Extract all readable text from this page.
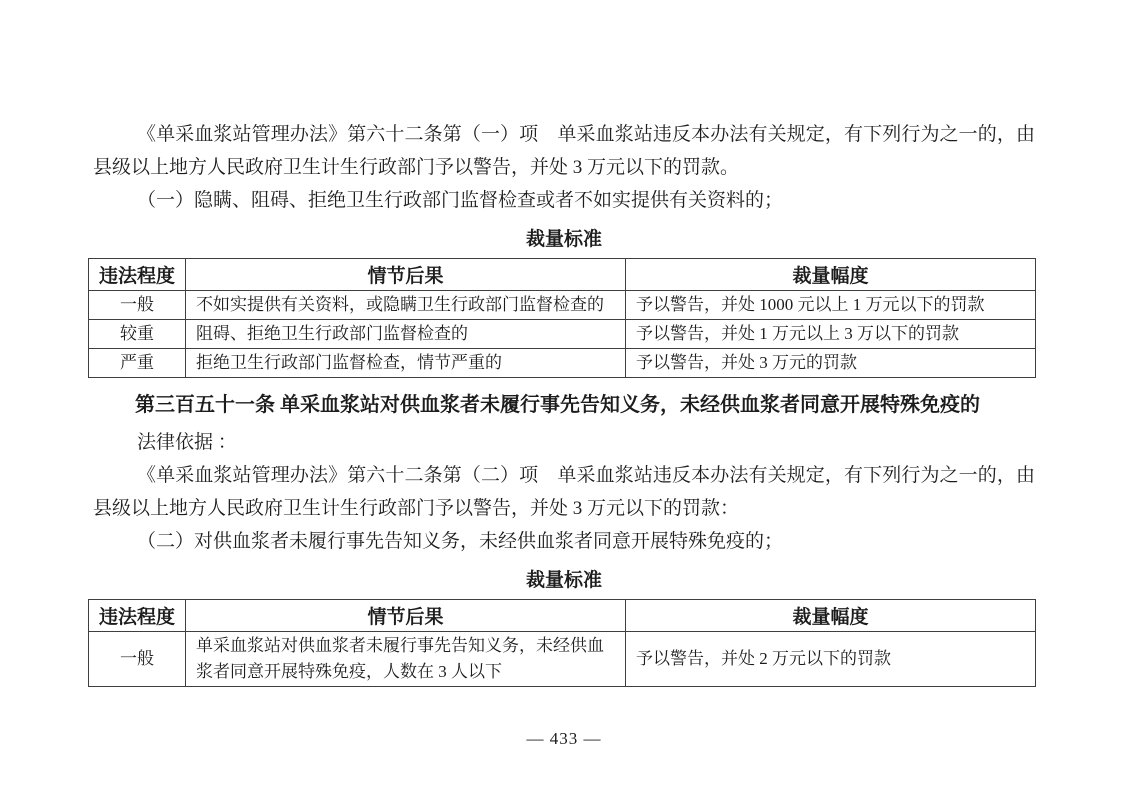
《单采血浆站管理办法》第六十二条第（一）项　单采血浆站违反本办法有关规定，有下列行为之一的，由县级以上地方人民政府卫生计生行政部门予以警告，并处 3 万元以下的罚款。

（一）隐瞒、阻碍、拒绝卫生行政部门监督检查或者不如实提供有关资料的；

裁量标准
违法程度	情节后果	裁量幅度
一般	不如实提供有关资料，或隐瞒卫生行政部门监督检查的	予以警告，并处 1000 元以上 1 万元以下的罚款
较重	阻碍、拒绝卫生行政部门监督检查的	予以警告，并处 1 万元以上 3 万以下的罚款
严重	拒绝卫生行政部门监督检查，情节严重的	予以警告，并处 3 万元的罚款

第三百五十一条 单采血浆站对供血浆者未履行事先告知义务，未经供血浆者同意开展特殊免疫的

法律依据 ：

《单采血浆站管理办法》第六十二条第（二）项　单采血浆站违反本办法有关规定，有下列行为之一的，由县级以上地方人民政府卫生计生行政部门予以警告，并处 3 万元以下的罚款：

（二）对供血浆者未履行事先告知义务，未经供血浆者同意开展特殊免疫的；

裁量标准
违法程度	情节后果	裁量幅度
一般	单采血浆站对供血浆者未履行事先告知义务，未经供血浆者同意开展特殊免疫，人数在 3 人以下	予以警告，并处 2 万元以下的罚款
— 433 —
